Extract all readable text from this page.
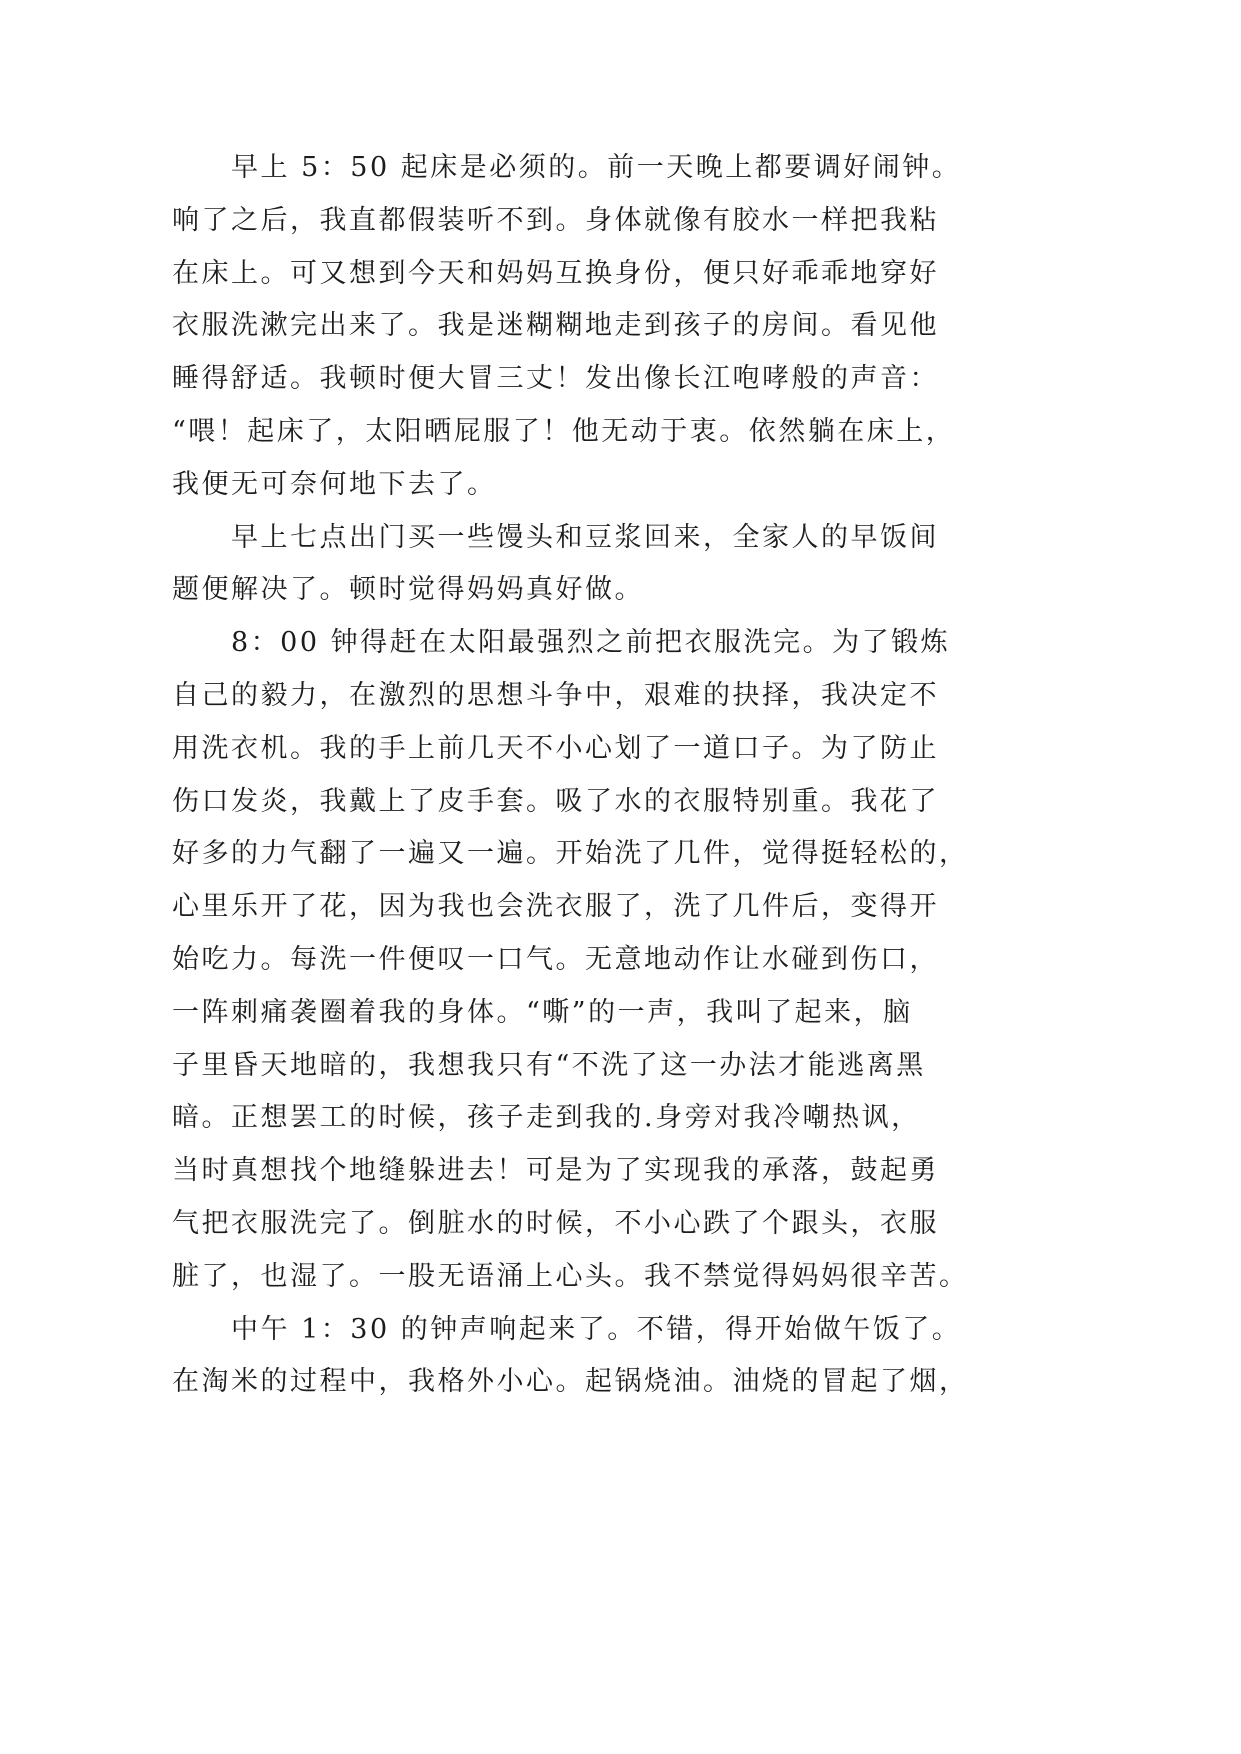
早上 5：50 起床是必须的。前一天晚上都要调好闹钟。
响了之后，我直都假装听不到。身体就像有胶水一样把我粘
在床上。可又想到今天和妈妈互换身份，便只好乖乖地穿好
衣服洗漱完出来了。我是迷糊糊地走到孩子的房间。看见他
睡得舒适。我顿时便大冒三丈！发出像长江咆哮般的声音：
“喂！起床了，太阳晒屁服了！他无动于衷。依然躺在床上，
我便无可奈何地下去了。
早上七点出门买一些馒头和豆浆回来，全家人的早饭间
题便解决了。顿时觉得妈妈真好做。
8：00 钟得赶在太阳最强烈之前把衣服洗完。为了锻炼
自己的毅力，在激烈的思想斗争中，艰难的抉择，我决定不
用洗衣机。我的手上前几天不小心划了一道口子。为了防止
伤口发炎，我戴上了皮手套。吸了水的衣服特别重。我花了
好多的力气翻了一遍又一遍。开始洗了几件，觉得挺轻松的，
心里乐开了花，因为我也会洗衣服了，洗了几件后，变得开
始吃力。每洗一件便叹一口气。无意地动作让水碰到伤口，
一阵刺痛袭圈着我的身体。“嘶”的一声，我叫了起来，脑
子里昏天地暗的，我想我只有“不洗了这一办法才能逃离黑
暗。正想罢工的时候，孩子走到我的.身旁对我冷嘲热讽，
当时真想找个地缝躲进去！可是为了实现我的承落，鼓起勇
气把衣服洗完了。倒脏水的时候，不小心跌了个跟头，衣服
脏了，也湿了。一股无语涌上心头。我不禁觉得妈妈很辛苦。
中午 1：30 的钟声响起来了。不错，得开始做午饭了。
在淘米的过程中，我格外小心。起锅烧油。油烧的冒起了烟，
